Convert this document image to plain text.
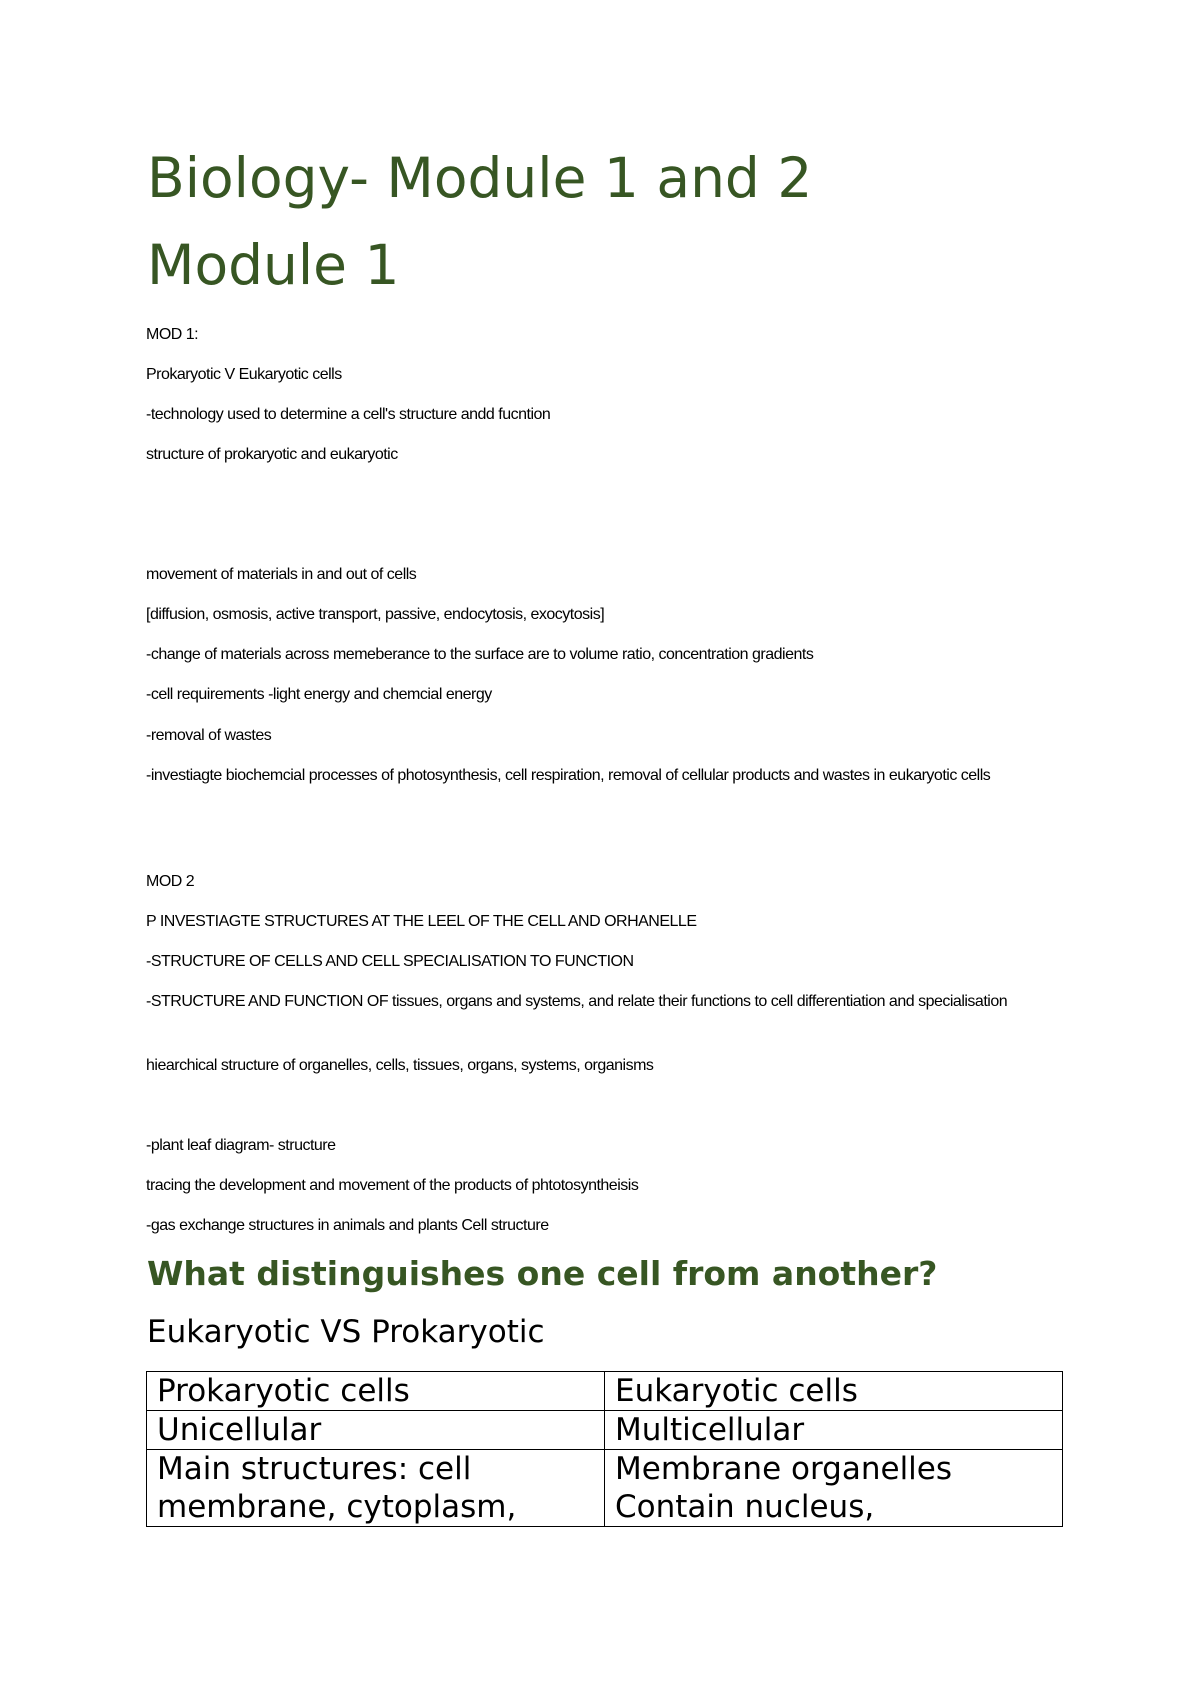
Biology- Module 1 and 2
Module 1
MOD 1:
Prokaryotic V Eukaryotic cells
-technology used to determine a cell's structure andd fucntion
structure of prokaryotic and eukaryotic
movement of materials in and out of cells
[diffusion, osmosis, active transport, passive, endocytosis, exocytosis]
-change of materials across memeberance to the surface are to volume ratio, concentration gradients
-cell requirements -light energy and chemcial energy
-removal of wastes
-investiagte biochemcial processes of photosynthesis, cell respiration, removal of cellular products and wastes in eukaryotic cells
MOD 2
P INVESTIAGTE STRUCTURES AT THE LEEL OF THE CELL AND ORHANELLE
-STRUCTURE OF CELLS AND CELL SPECIALISATION TO FUNCTION
-STRUCTURE AND FUNCTION OF tissues, organs and systems, and relate their functions to cell differentiation and specialisation
hiearchical structure of organelles, cells, tissues, organs, systems, organisms
-plant leaf diagram- structure
tracing the development and movement of the products of phtotosyntheisis
-gas exchange structures in animals and plants Cell structure
What distinguishes one cell from another?
Eukaryotic VS Prokaryotic
Prokaryotic cells	Eukaryotic cells
Unicellular	Multicellular
Main structures: cell membrane, cytoplasm,	Membrane organelles Contain nucleus,
